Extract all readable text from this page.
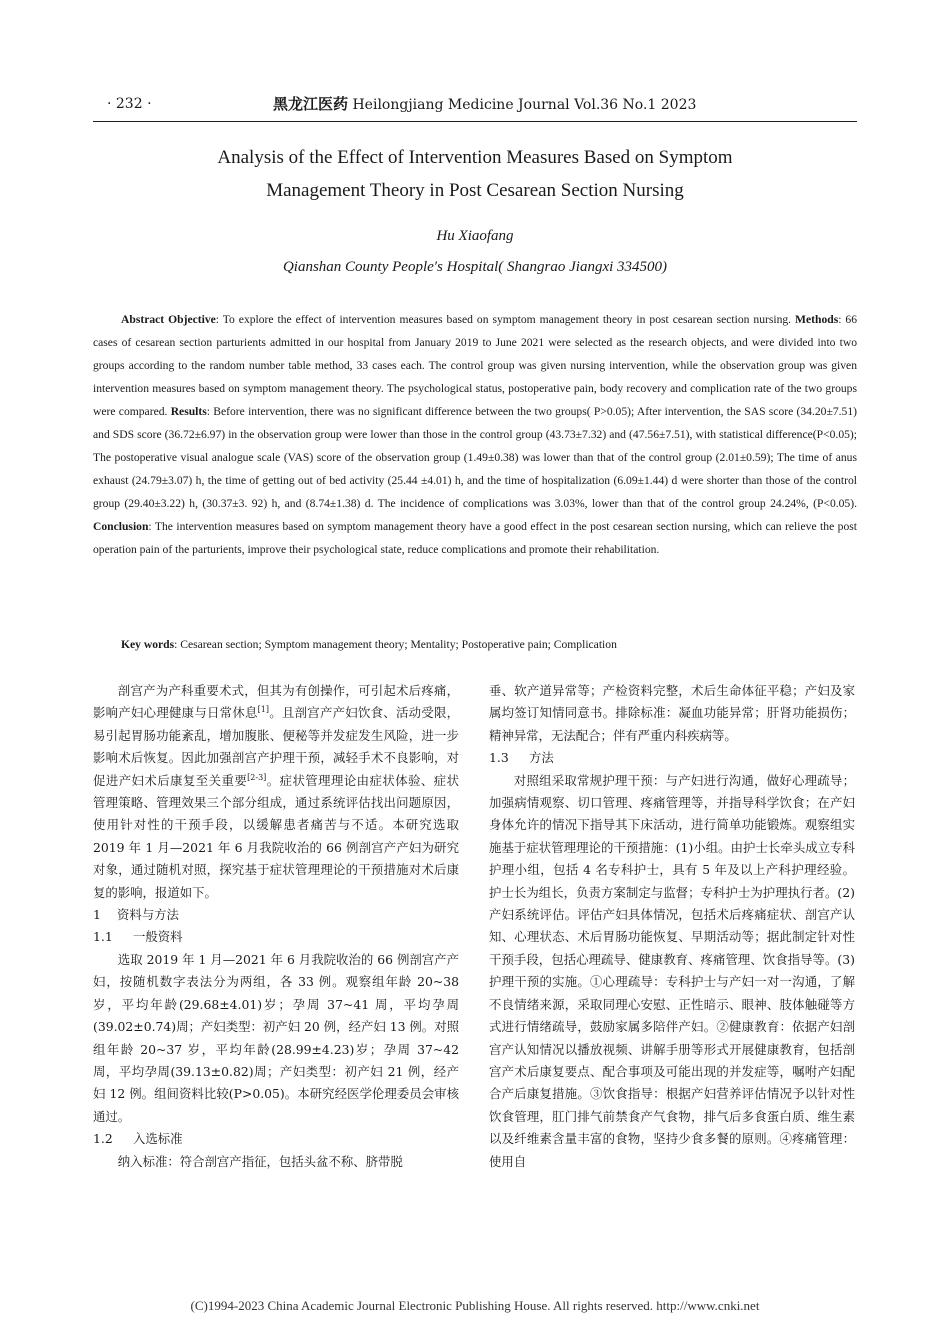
· 232 ·	黑龙江医药 Heilongjiang Medicine Journal Vol.36 No.1 2023
Analysis of the Effect of Intervention Measures Based on Symptom
Management Theory in Post Cesarean Section Nursing
Hu Xiaofang
Qianshan County People′s Hospital( Shangrao Jiangxi 334500)
Abstract Objective: To explore the effect of intervention measures based on symptom management theory in post cesarean section nursing. Methods: 66 cases of cesarean section parturients admitted in our hospital from January 2019 to June 2021 were selected as the research objects, and were divided into two groups according to the random number table method, 33 cases each. The control group was given nursing intervention, while the observation group was given intervention measures based on symptom management theory. The psychological status, postoperative pain, body recovery and complication rate of the two groups were compared. Results: Before intervention, there was no significant difference between the two groups( P>0.05); After intervention, the SAS score (34.20±7.51) and SDS score (36.72±6.97) in the observation group were lower than those in the control group (43.73±7.32) and (47.56±7.51), with statistical difference(P<0.05); The postoperative visual analogue scale (VAS) score of the observation group (1.49±0.38) was lower than that of the control group (2.01±0.59); The time of anus exhaust (24.79±3.07) h, the time of getting out of bed activity (25.44 ±4.01) h, and the time of hospitalization (6.09±1.44) d were shorter than those of the control group (29.40±3.22) h, (30.37±3. 92) h, and (8.74±1.38) d. The incidence of complications was 3.03%, lower than that of the control group 24.24%, (P<0.05). Conclusion: The intervention measures based on symptom management theory have a good effect in the post cesarean section nursing, which can relieve the post operation pain of the parturients, improve their psychological state, reduce complications and promote their rehabilitation.
Key words: Cesarean section; Symptom management theory; Mentality; Postoperative pain; Complication

剖宫产为产科重要术式，但其为有创操作，可引起术后疼痛，影响产妇心理健康与日常休息[1]。且剖宫产产妇饮食、活动受限，易引起胃肠功能紊乱，增加腹胀、便秘等并发症发生风险，进一步影响术后恢复。因此加强剖宫产护理干预，减轻手术不良影响，对促进产妇术后康复至关重要[2-3]。症状管理理论由症状体验、症状管理策略、管理效果三个部分组成，通过系统评估找出问题原因，使用针对性的干预手段，以缓解患者痛苦与不适。本研究选取 2019 年 1 月—2021 年 6 月我院收治的 66 例剖宫产产妇为研究对象，通过随机对照，探究基于症状管理理论的干预措施对术后康复的影响，报道如下。

1 资料与方法
1.1 一般资料

选取 2019 年 1 月—2021 年 6 月我院收治的 66 例剖宫产产妇，按随机数字表法分为两组，各 33 例。观察组年龄 20~38 岁，平均年龄(29.68±4.01)岁；孕周 37~41 周，平均孕周(39.02±0.74)周；产妇类型：初产妇 20 例，经产妇 13 例。对照组年龄 20~37 岁，平均年龄(28.99±4.23)岁；孕周 37~42 周，平均孕周(39.13±0.82)周；产妇类型：初产妇 21 例，经产妇 12 例。组间资料比较(P>0.05)。本研究经医学伦理委员会审核通过。

1.2 入选标准

纳入标准：符合剖宫产指征，包括头盆不称、脐带脱

垂、软产道异常等；产检资料完整，术后生命体征平稳；产妇及家属均签订知情同意书。排除标准：凝血功能异常；肝肾功能损伤；精神异常，无法配合；伴有严重内科疾病等。

1.3 方法

对照组采取常规护理干预：与产妇进行沟通，做好心理疏导；加强病情观察、切口管理、疼痛管理等，并指导科学饮食；在产妇身体允许的情况下指导其下床活动，进行简单功能锻炼。观察组实施基于症状管理理论的干预措施：(1)小组。由护士长牵头成立专科护理小组，包括 4 名专科护士，具有 5 年及以上产科护理经验。护士长为组长，负责方案制定与监督；专科护士为护理执行者。(2)产妇系统评估。评估产妇具体情况，包括术后疼痛症状、剖宫产认知、心理状态、术后胃肠功能恢复、早期活动等；据此制定针对性干预手段，包括心理疏导、健康教育、疼痛管理、饮食指导等。(3)护理干预的实施。①心理疏导：专科护士与产妇一对一沟通，了解不良情绪来源，采取同理心安慰、正性暗示、眼神、肢体触碰等方式进行情绪疏导，鼓励家属多陪伴产妇。②健康教育：依据产妇剖宫产认知情况以播放视频、讲解手册等形式开展健康教育，包括剖宫产术后康复要点、配合事项及可能出现的并发症等，嘱咐产妇配合产后康复措施。③饮食指导：根据产妇营养评估情况予以针对性饮食管理，肛门排气前禁食产气食物，排气后多食蛋白质、维生素以及纤维素含量丰富的食物，坚持少食多餐的原则。④疼痛管理：使用自

(C)1994-2023 China Academic Journal Electronic Publishing House. All rights reserved. http://www.cnki.net
